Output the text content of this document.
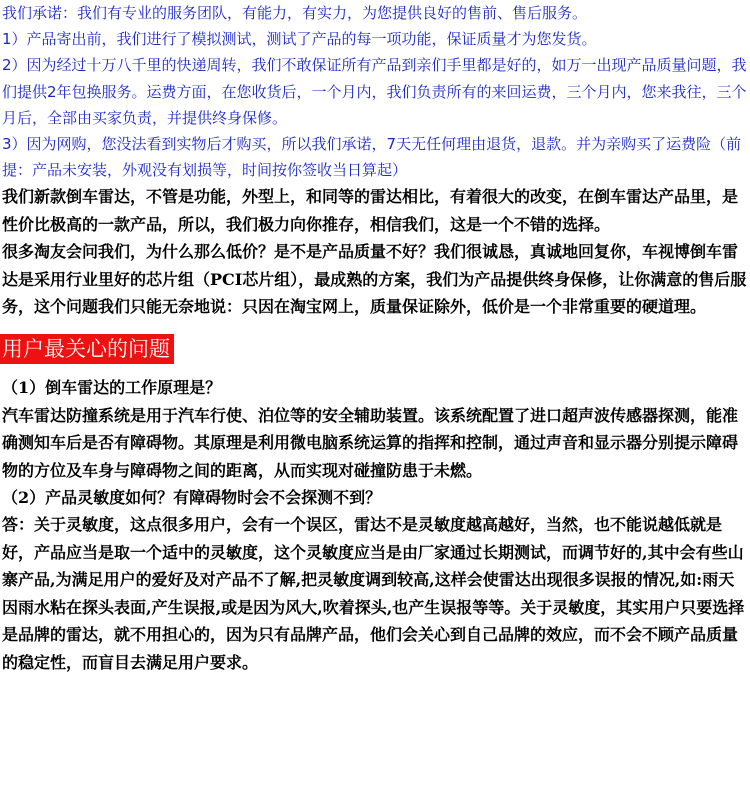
我们承诺：我们有专业的服务团队，有能力，有实力，为您提供良好的售前、售后服务。

1）产品寄出前，我们进行了模拟测试，测试了产品的每一项功能，保证质量才为您发货。

2）因为经过十万八千里的快递周转，我们不敢保证所有产品到亲们手里都是好的，如万一出现产品质量问题，我们提供2年包换服务。运费方面，在您收货后，一个月内，我们负责所有的来回运费，三个月内，您来我往，三个月后，全部由买家负责，并提供终身保修。

3）因为网购，您没法看到实物后才购买，所以我们承诺，7天无任何理由退货，退款。并为亲购买了运费险（前提：产品未安装，外观没有划损等，时间按你签收当日算起）

我们新款倒车雷达，不管是功能，外型上，和同等的雷达相比，有着很大的改变，在倒车雷达产品里，是性价比极高的一款产品，所以，我们极力向你推存，相信我们，这是一个不错的选择。

很多淘友会问我们，为什么那么低价？是不是产品质量不好？我们很诚恳，真诚地回复你，车视博倒车雷达是采用行业里好的芯片组（PCI芯片组），最成熟的方案，我们为产品提供终身保修，让你满意的售后服务，这个问题我们只能无奈地说：只因在淘宝网上，质量保证除外，低价是一个非常重要的硬道理。

用户最关心的问题

（1）倒车雷达的工作原理是？

汽车雷达防撞系统是用于汽车行使、泊位等的安全辅助装置。该系统配置了进口超声波传感器探测，能准确测知车后是否有障碍物。其原理是利用微电脑系统运算的指挥和控制，通过声音和显示器分别提示障碍物的方位及车身与障碍物之间的距离，从而实现对碰撞防患于未燃。

（2）产品灵敏度如何？有障碍物时会不会探测不到？

答：关于灵敏度，这点很多用户，会有一个误区，雷达不是灵敏度越高越好，当然，也不能说越低就是好，产品应当是取一个适中的灵敏度，这个灵敏度应当是由厂家通过长期测试，而调节好的,其中会有些山寨产品,为满足用户的爱好及对产品不了解,把灵敏度调到较高,这样会使雷达出现很多误报的情况,如:雨天因雨水粘在探头表面,产生误报,或是因为风大,吹着探头,也产生误报等等。关于灵敏度，其实用户只要选择是品牌的雷达，就不用担心的，因为只有品牌产品，他们会关心到自己品牌的效应，而不会不顾产品质量的稳定性，而盲目去满足用户要求。
